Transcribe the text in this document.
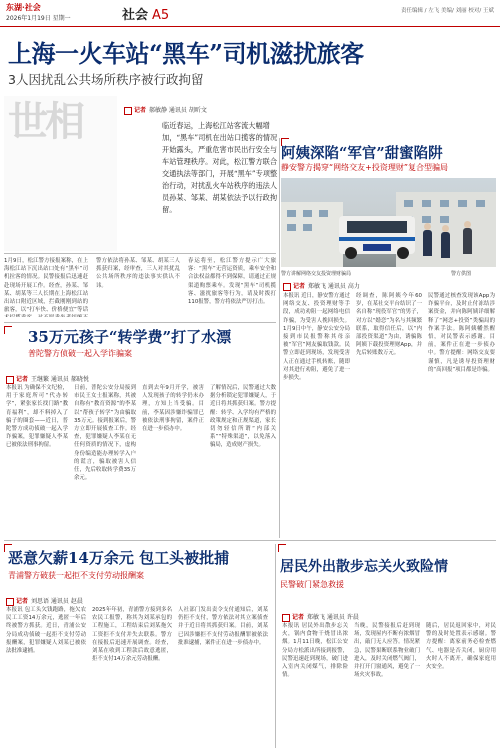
东湖·社会
2026年1月19日 星期一	社会 A5	责任编辑 / 左飞 美编/ 刘丽 校对/ 王斌
上海一火车站“黑车”司机滋扰旅客
3人因扰乱公共场所秩序被行政拘留
世相	记者 郝敏静 通讯员 胡昕文
临近春运，上海松江站客流大幅增加，“黑车”司机在出站口揽客的情况开始露头，严重危害市民出行安全与车站管理秩序。对此，松江警方联合交通执法等部门，开展“黑车”专项整治行动，对扰乱火车站秩序的违法人员孙某、邹某、胡某依法予以行政拘留。
1月9日，松江警方接报案称，在上海松江站下沉出站口处有“黑车”司机拉客的情况。民警接报后迅速赶赴现场开展工作。经查，孙某、邹某、胡某等三人长期在上海松江站出站口附近区域，拦截刚刚到站的旅客，以“打车快、价格便宜”等话
警方依法将孙某、邹某、胡某三人抓获归案，经审查，三人对其扰乱公共场所秩序的违法事实供认不讳。
春运将至，松江警方提示广大旅客：“黑车”无营运资质，乘车安全和合法权益都得不到保障，请通过正规渠道购票乘车。发现“黑车”司机揽客、滋扰旅客等行为，请及时拨打110报警，警方将依法严厉打击。
阿姨深陷“军官”甜蜜陷阱
静安警方揭穿“网络交友+投资理财”复合型骗局
警方讲解网络交友投资理财骗局	警方供图
记者 郑敏飞 通讯员 高力
本报讯 近日，静安警方通过网络交友、投资理财等手段，成功劝阻一起网络电信诈骗，为受害人挽回损失。1月9日中午，静安公安分局接到市民报警称其母亲被“军官”网友骗取钱款。民警立即赶到现场，发现受害人正在通过手机转账，随即对其进行劝阻，避免了进一步损失。
经调查，陈阿姨今年60岁，在某社交平台结识了一名自称“现役军官”的男子，对方以“婚恋”为名与其频繁联系，取得信任后，以“内部投资渠道”为由，诱骗陈阿姨下载投资理财App，并先后转账数万元。
民警通过核查发现该App为诈骗平台，及时止付冻结涉案资金，并向陈阿姨详细解释了“网恋+投资”类骗局的作案手法。陈阿姨幡然醒悟，对民警表示感谢。目前，案件正在进一步侦办中。警方提醒：网络交友要谨慎，凡是诱导投资理财的“高回报”项目都是诈骗。
35万元孩子“转学费”打了水漂
普陀警方侦破一起入学诈骗案
记者 王继繁 通讯员 郝晓悦
本报讯 为确保不文纪检，用于家庭所可“代办转学”，紧张家长找门路“教育福利”，却不料掉入了骗子的圈套——近日，普陀警方成功侦破一起入学诈骗案，犯罪嫌疑人李某已被依法刑事拘留。
日前，普陀公安分局接到市民王女士报案称，其被自称有“教育资源”的李某以“帮孩子转学”为由骗取35万元。接到报案后，警方立即开展侦查工作。经查，犯罪嫌疑人李某在无任何资质的情况下，虚构身份编造能办理转学入户的谎言，骗取被害人信任，先后收取转学费35万余元。
直到去年9月开学，被害人发现孩子的转学仍未办理，方知上当受骗。目前，李某因涉嫌诈骗罪已被依法刑事拘留，案件正在进一步侦办中。
了解情况后，民警通过大数据分析锁定犯罪嫌疑人，于近日将其抓获归案。警方提醒：转学、入学均有严格的政策规定和正规渠道，家长切勿轻信所谓“内部关系”“特殊渠道”，以免落入骗局，造成财产损失。
恶意欠薪14万余元 包工头被批捕
青浦警方破获一起拒不支付劳动报酬案
记者 刘思语 通讯员 赵晨
本报讯 包工头欠钱跑路，拖欠农民工工资14万余元，逃匿一年后终被警方抓获。近日，青浦公安分局成功侦破一起拒不支付劳动报酬案，犯罪嫌疑人刘某已被依法批准逮捕。
2025年年初，青浦警方接到多名农民工报警，称其为刘某承包的工程施工，工程结束后刘某拖欠工资拒不支付并失去联系。警方在接报后迅速开展调查。经查，刘某在收到工程款后故意逃匿，拒不支付14万余元劳动报酬。
人社部门发出责令支付通知后，刘某仍拒不支付，警方依法对其立案侦查并于近日将其抓获归案。目前，刘某已因涉嫌拒不支付劳动报酬罪被依法批准逮捕，案件正在进一步侦办中。
居民外出散步忘关火致险情
民警破门紧急救援
记者 郑敏飞 通讯员 许晨
本报讯 居民外出散步忘关火，锅内食物干烧冒出浓烟。1月11日晚，松江公安分局方松派出所接到报警，民警迅速赶到现场，破门进入室内关闭煤气，排除险情。
当晚，民警接报后赶到现场，发现屋内不断有浓烟冒出，敲门无人应答。情况紧急，民警果断联系物业破门进入，及时关闭燃气阀门，并打开门窗通风，避免了一场火灾事故。
随后，居民返回家中，对民警的及时处置表示感谢。警方提醒：离家前务必检查燃气、电器是否关闭，厨房用火时人不离开，确保家庭用火安全。
